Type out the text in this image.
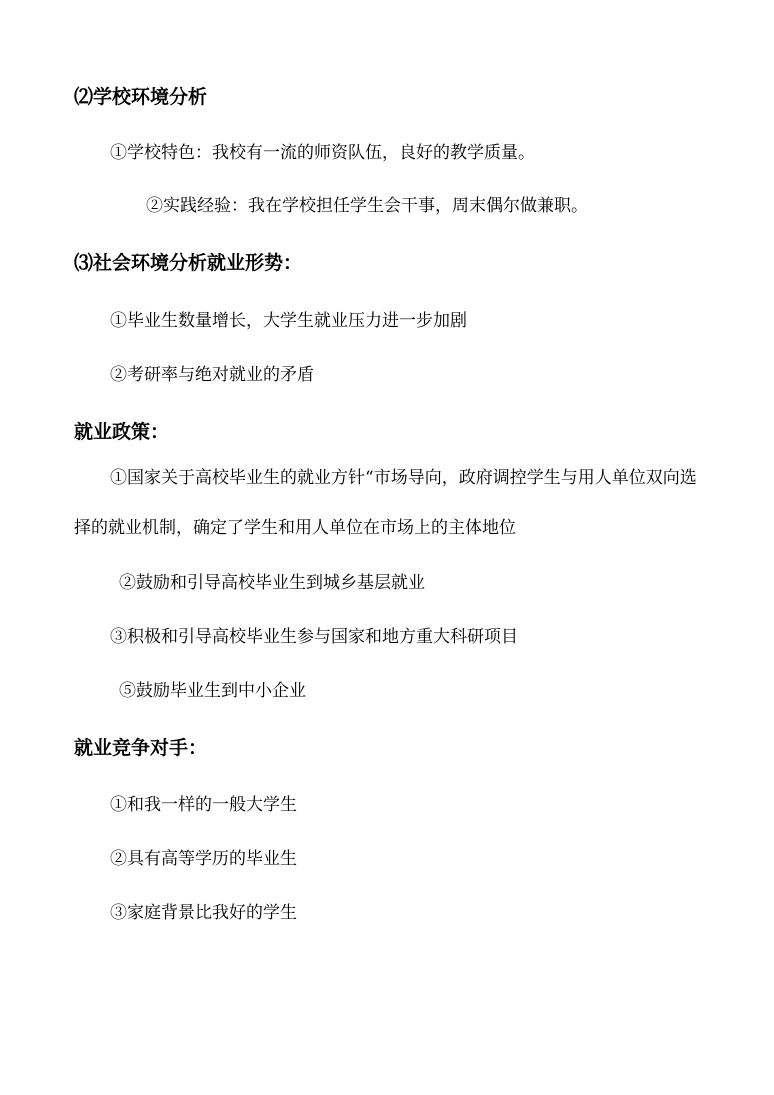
⑵学校环境分析
①学校特色：我校有一流的师资队伍，良好的教学质量。
②实践经验：我在学校担任学生会干事，周末偶尔做兼职。
⑶社会环境分析就业形势：
①毕业生数量增长，大学生就业压力进一步加剧
②考研率与绝对就业的矛盾
就业政策：
①国家关于高校毕业生的就业方针“市场导向，政府调控学生与用人单位双向选择的就业机制，确定了学生和用人单位在市场上的主体地位
②鼓励和引导高校毕业生到城乡基层就业
③积极和引导高校毕业生参与国家和地方重大科研项目
⑤鼓励毕业生到中小企业
就业竞争对手：
①和我一样的一般大学生
②具有高等学历的毕业生
③家庭背景比我好的学生
